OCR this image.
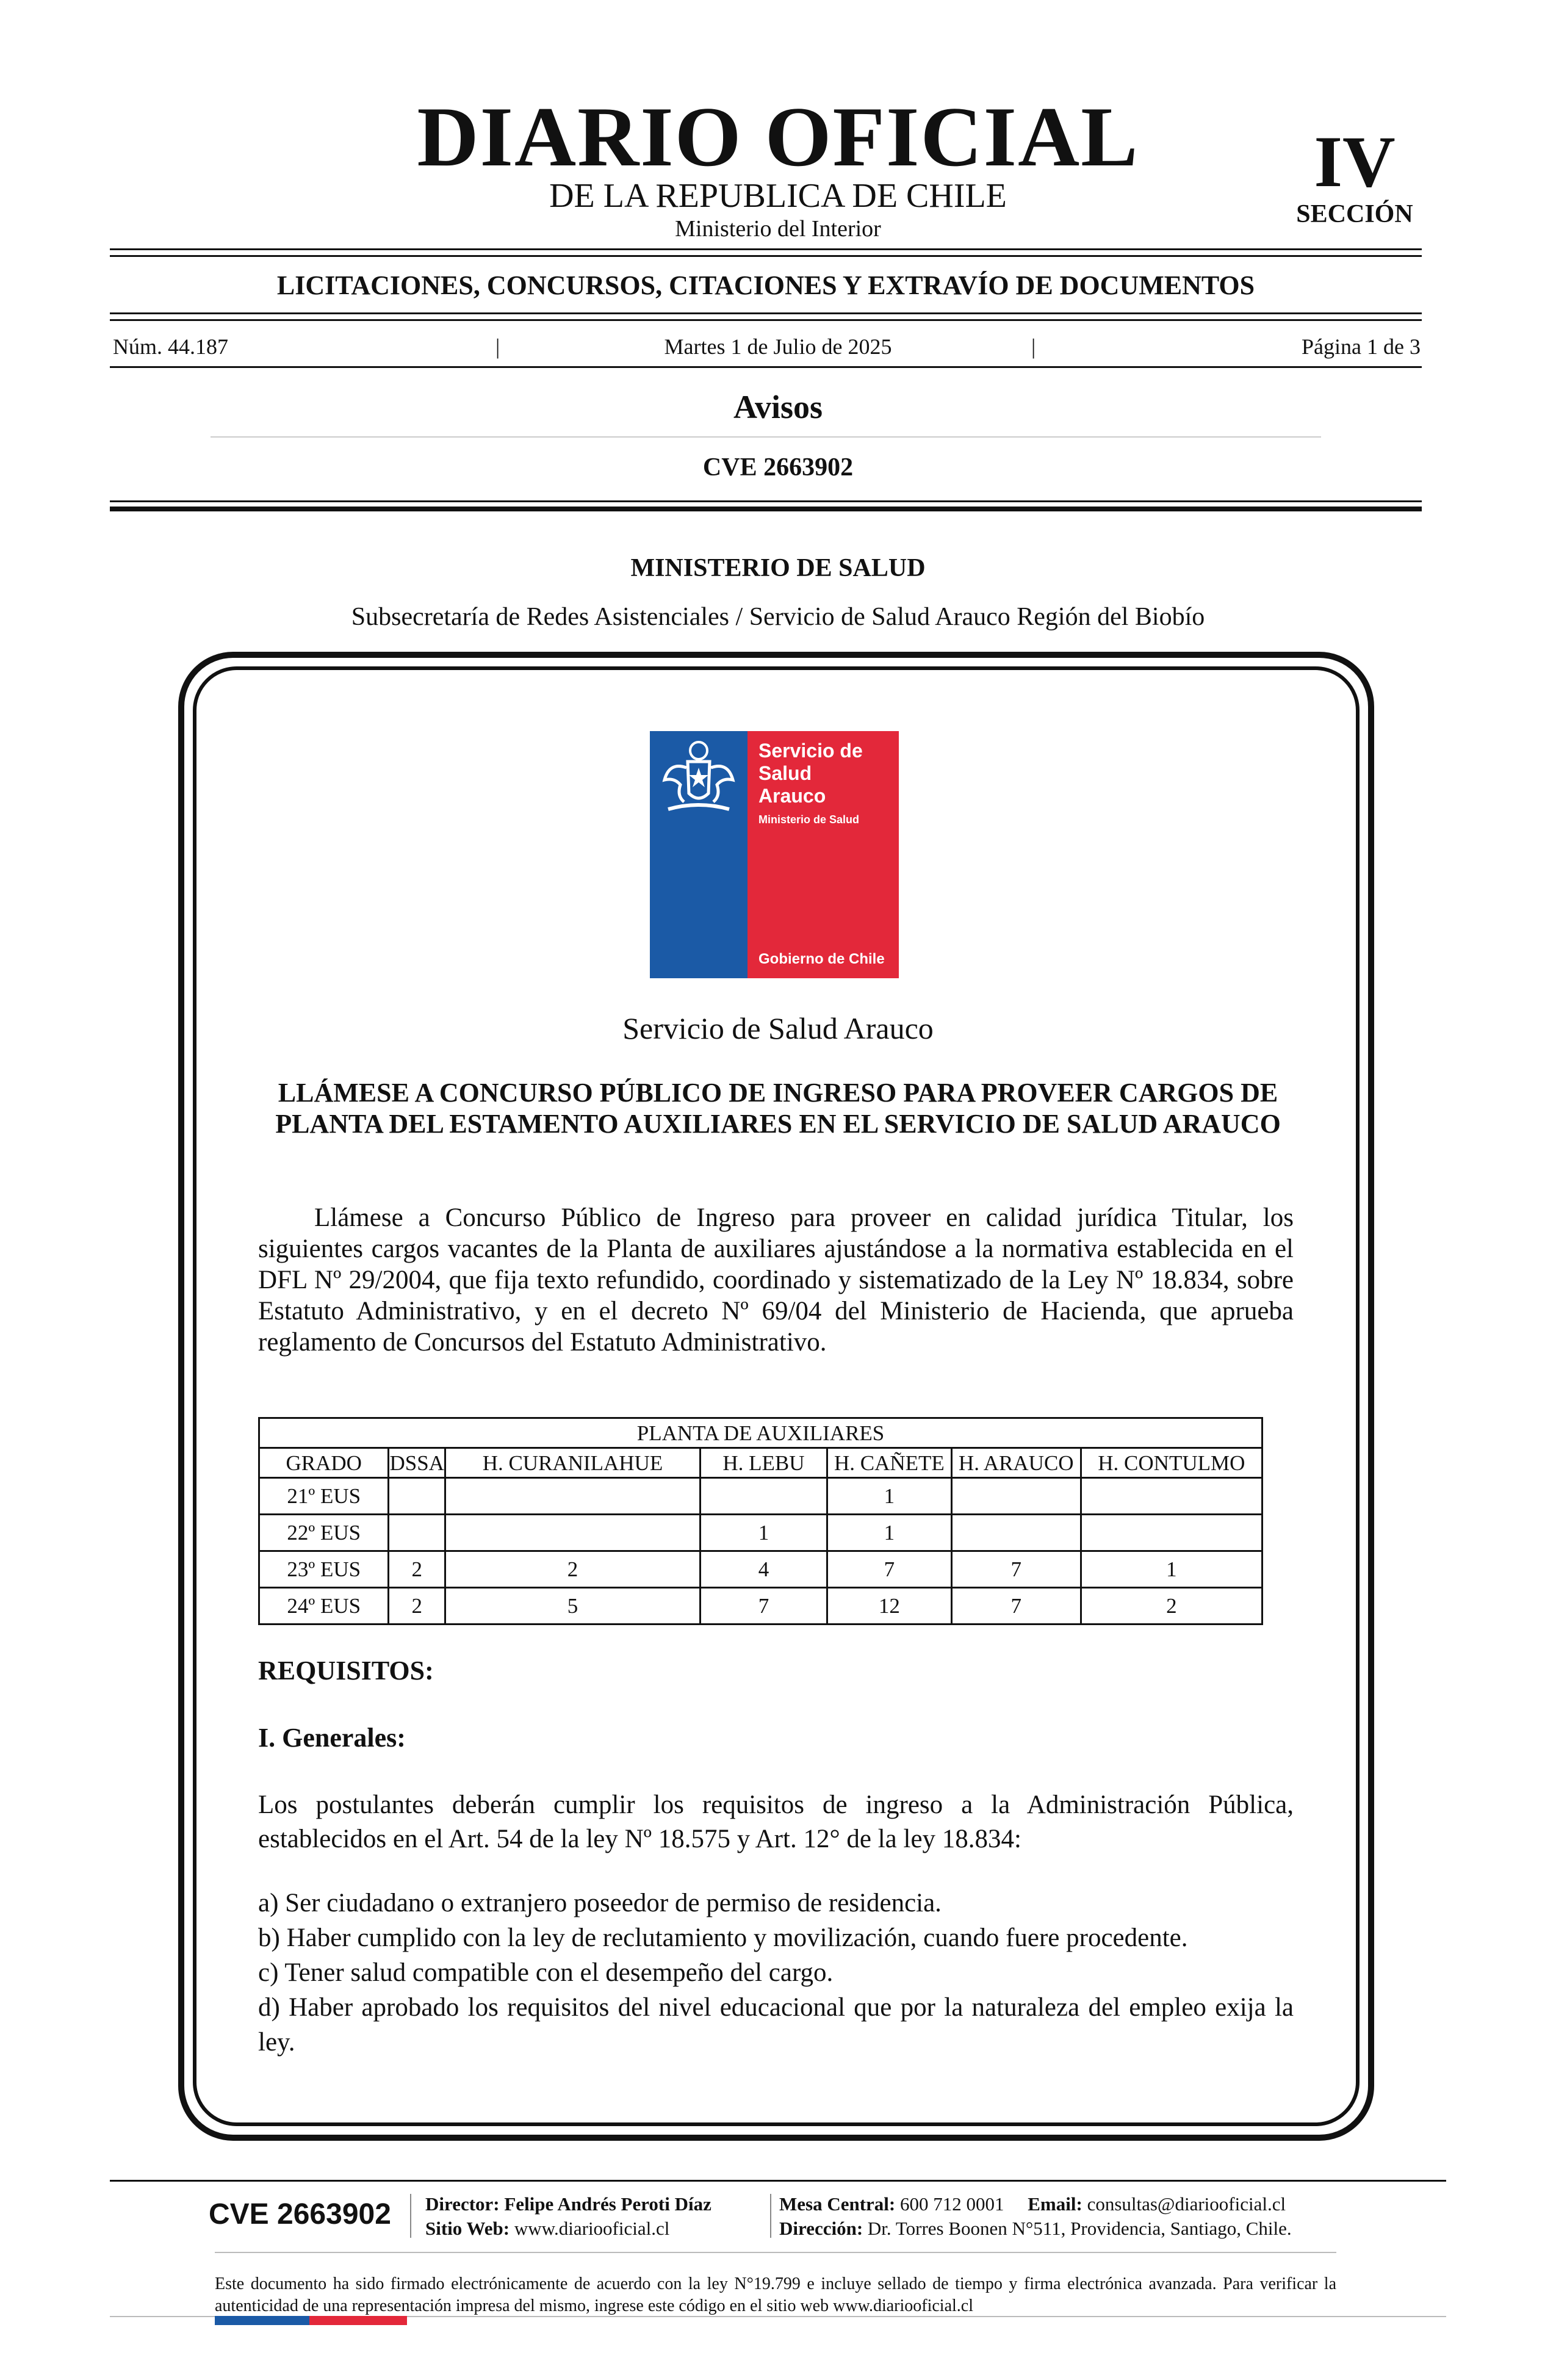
DIARIO OFICIAL
DE LA REPUBLICA DE CHILE
Ministerio del Interior
IV
SECCIÓN
LICITACIONES, CONCURSOS, CITACIONES Y EXTRAVÍO DE DOCUMENTOS
Núm. 44.187	|	Martes 1 de Julio de 2025	|	Página 1 de 3
Avisos
CVE 2663902
MINISTERIO DE SALUD
Subsecretaría de Redes Asistenciales / Servicio de Salud Arauco Región del Biobío
Servicio de
Salud
Arauco
Ministerio de Salud
Gobierno de Chile
Servicio de Salud Arauco
LLÁMESE A CONCURSO PÚBLICO DE INGRESO PARA PROVEER CARGOS DE PLANTA DEL ESTAMENTO AUXILIARES EN EL SERVICIO DE SALUD ARAUCO
Llámese a Concurso Público de Ingreso para proveer en calidad jurídica Titular, los siguientes cargos vacantes de la Planta de auxiliares ajustándose a la normativa establecida en el DFL Nº 29/2004, que fija texto refundido, coordinado y sistematizado de la Ley Nº 18.834, sobre Estatuto Administrativo, y en el decreto Nº 69/04 del Ministerio de Hacienda, que aprueba reglamento de Concursos del Estatuto Administrativo.
PLANTA DE AUXILIARES						
GRADO	DSSA	H. CURANILAHUE	H. LEBU	H. CAÑETE	H. ARAUCO	H. CONTULMO
21º EUS				1		
22º EUS			1	1		
23º EUS	2	2	4	7	7	1
24º EUS	2	5	7	12	7	2
REQUISITOS:
I. Generales:
Los postulantes deberán cumplir los requisitos de ingreso a la Administración Pública, establecidos en el Art. 54 de la ley Nº 18.575 y Art. 12° de la ley 18.834:
a) Ser ciudadano o extranjero poseedor de permiso de residencia.
b) Haber cumplido con la ley de reclutamiento y movilización, cuando fuere procedente.
c) Tener salud compatible con el desempeño del cargo.
d) Haber aprobado los requisitos del nivel educacional que por la naturaleza del empleo exija la ley.
CVE 2663902 Director: Felipe Andrés Peroti Díaz
Sitio Web: www.diariooficial.cl
Mesa Central: 600 712 0001 Email: consultas@diariooficial.cl
Dirección: Dr. Torres Boonen N°511, Providencia, Santiago, Chile.
Este documento ha sido firmado electrónicamente de acuerdo con la ley N°19.799 e incluye sellado de tiempo y firma electrónica avanzada. Para verificar la autenticidad de una representación impresa del mismo, ingrese este código en el sitio web www.diariooficial.cl
